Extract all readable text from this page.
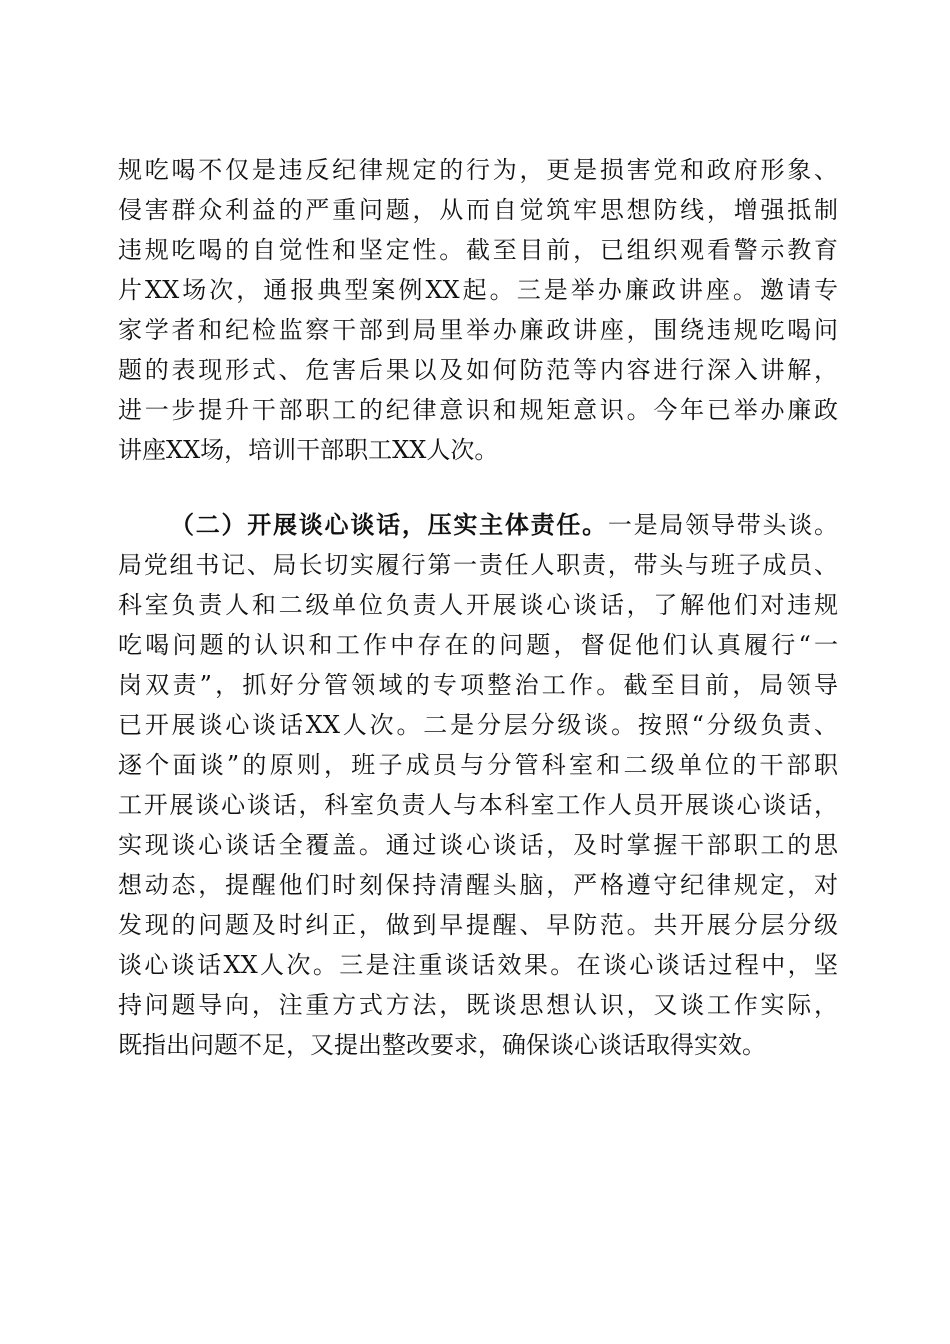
规吃喝不仅是违反纪律规定的行为，更是损害党和政府形象、
侵害群众利益的严重问题，从而自觉筑牢思想防线，增强抵制
违规吃喝的自觉性和坚定性。截至目前，已组织观看警示教育
片XX场次，通报典型案例XX起。三是举办廉政讲座。邀请专
家学者和纪检监察干部到局里举办廉政讲座，围绕违规吃喝问
题的表现形式、危害后果以及如何防范等内容进行深入讲解，
进一步提升干部职工的纪律意识和规矩意识。今年已举办廉政
讲座XX场，培训干部职工XX人次。
（二）开展谈心谈话，压实主体责任。一是局领导带头谈。
局党组书记、局长切实履行第一责任人职责，带头与班子成员、
科室负责人和二级单位负责人开展谈心谈话，了解他们对违规
吃喝问题的认识和工作中存在的问题，督促他们认真履行“一
岗双责”，抓好分管领域的专项整治工作。截至目前，局领导
已开展谈心谈话XX人次。二是分层分级谈。按照“分级负责、
逐个面谈”的原则，班子成员与分管科室和二级单位的干部职
工开展谈心谈话，科室负责人与本科室工作人员开展谈心谈话，
实现谈心谈话全覆盖。通过谈心谈话，及时掌握干部职工的思
想动态，提醒他们时刻保持清醒头脑，严格遵守纪律规定，对
发现的问题及时纠正，做到早提醒、早防范。共开展分层分级
谈心谈话XX人次。三是注重谈话效果。在谈心谈话过程中，坚
持问题导向，注重方式方法，既谈思想认识，又谈工作实际，
既指出问题不足，又提出整改要求，确保谈心谈话取得实效。
